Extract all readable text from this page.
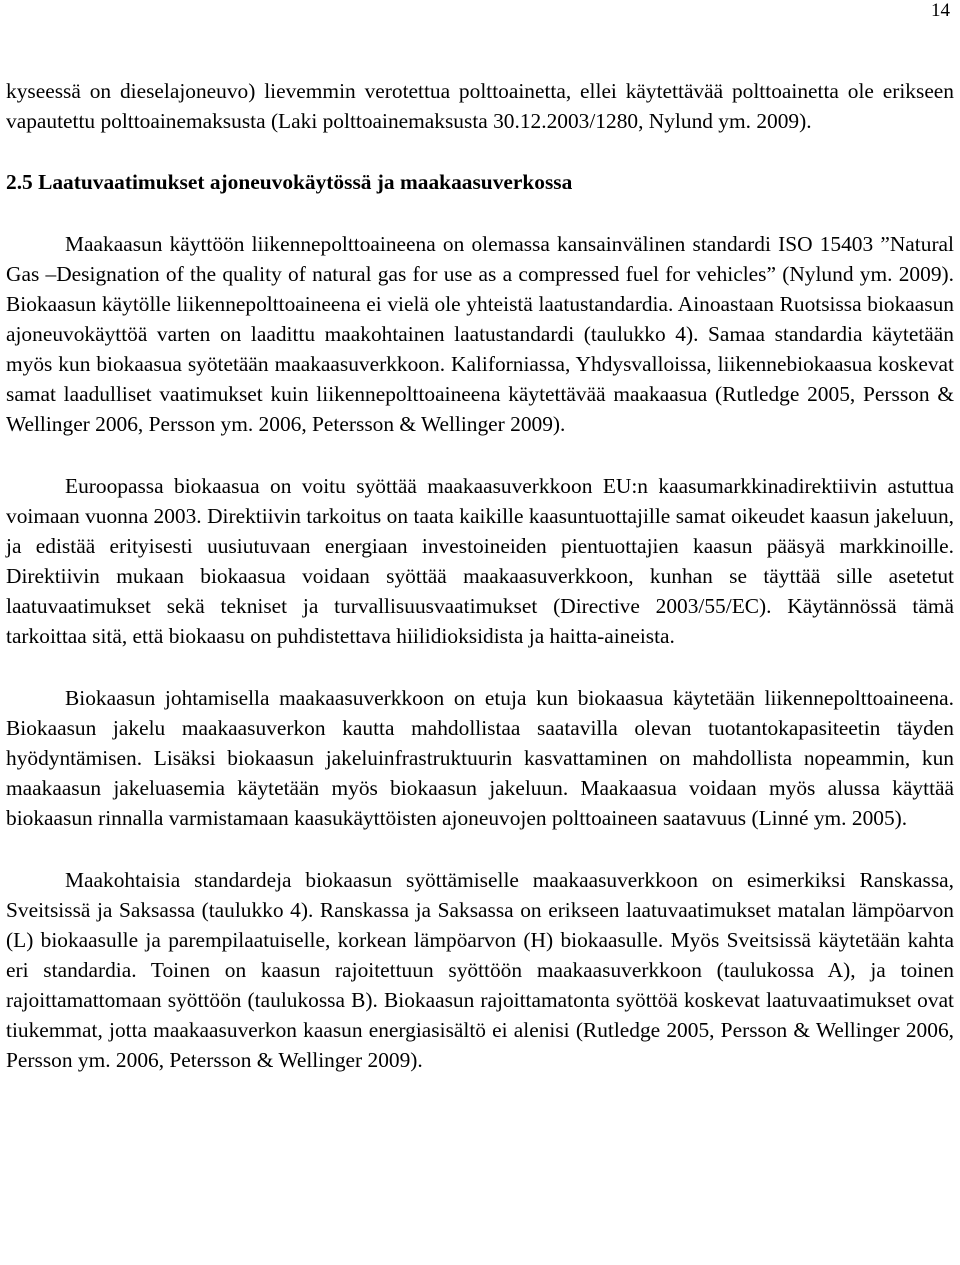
14

kyseessä on dieselajoneuvo) lievemmin verotettua polttoainetta, ellei käytettävää polttoainetta ole erikseen vapautettu polttoainemaksusta (Laki polttoainemaksusta 30.12.2003/1280, Nylund ym. 2009).

2.5 Laatuvaatimukset ajoneuvokäytössä ja maakaasuverkossa

Maakaasun käyttöön liikennepolttoaineena on olemassa kansainvälinen standardi ISO 15403 ”Natural Gas –Designation of the quality of natural gas for use as a compressed fuel for vehicles” (Nylund ym. 2009). Biokaasun käytölle liikennepolttoaineena ei vielä ole yhteistä laatustandardia. Ainoastaan Ruotsissa biokaasun ajoneuvokäyttöä varten on laadittu maakohtainen laatustandardi (taulukko 4). Samaa standardia käytetään myös kun biokaasua syötetään maakaasuverkkoon. Kaliforniassa, Yhdysvalloissa, liikennebiokaasua koskevat samat laadulliset vaatimukset kuin liikennepolttoaineena käytettävää maakaasua (Rutledge 2005, Persson & Wellinger 2006, Persson ym. 2006, Petersson & Wellinger 2009).

Euroopassa biokaasua on voitu syöttää maakaasuverkkoon EU:n kaasumarkkinadirektiivin astuttua voimaan vuonna 2003. Direktiivin tarkoitus on taata kaikille kaasuntuottajille samat oikeudet kaasun jakeluun, ja edistää erityisesti uusiutuvaan energiaan investoineiden pientuottajien kaasun pääsyä markkinoille. Direktiivin mukaan biokaasua voidaan syöttää maakaasuverkkoon, kunhan se täyttää sille asetetut laatuvaatimukset sekä tekniset ja turvallisuusvaatimukset (Directive 2003/55/EC). Käytännössä tämä tarkoittaa sitä, että biokaasu on puhdistettava hiilidioksidista ja haitta-aineista.

Biokaasun johtamisella maakaasuverkkoon on etuja kun biokaasua käytetään liikennepolttoaineena. Biokaasun jakelu maakaasuverkon kautta mahdollistaa saatavilla olevan tuotantokapasiteetin täyden hyödyntämisen. Lisäksi biokaasun jakeluinfrastruktuurin kasvattaminen on mahdollista nopeammin, kun maakaasun jakeluasemia käytetään myös biokaasun jakeluun. Maakaasua voidaan myös alussa käyttää biokaasun rinnalla varmistamaan kaasukäyttöisten ajoneuvojen polttoaineen saatavuus (Linné ym. 2005).

Maakohtaisia standardeja biokaasun syöttämiselle maakaasuverkkoon on esimerkiksi Ranskassa, Sveitsissä ja Saksassa (taulukko 4). Ranskassa ja Saksassa on erikseen laatuvaatimukset matalan lämpöarvon (L) biokaasulle ja parempilaatuiselle, korkean lämpöarvon (H) biokaasulle. Myös Sveitsissä käytetään kahta eri standardia. Toinen on kaasun rajoitettuun syöttöön maakaasuverkkoon (taulukossa A), ja toinen rajoittamattomaan syöttöön (taulukossa B). Biokaasun rajoittamatonta syöttöä koskevat laatuvaatimukset ovat tiukemmat, jotta maakaasuverkon kaasun energiasisältö ei alenisi (Rutledge 2005, Persson & Wellinger 2006, Persson ym. 2006, Petersson & Wellinger 2009).
